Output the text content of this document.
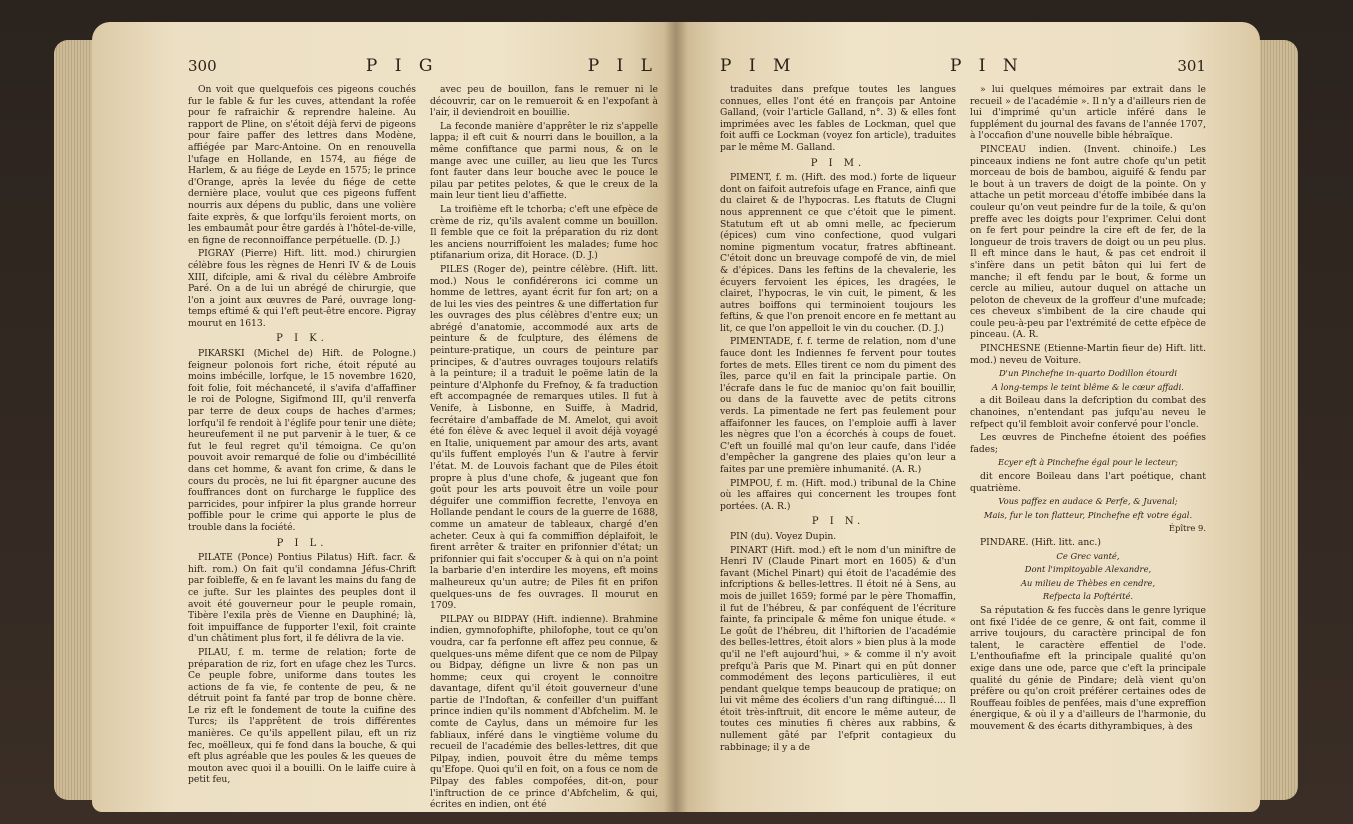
300	P I G	P I L

On voit que quelquefois ces pigeons couchés fur le fable & fur les cuves, attendant la rofée pour fe rafraichir & reprendre haleine. Au rapport de Pline, on s'étoit déjà fervi de pigeons pour faire paffer des lettres dans Modène, affiégée par Marc-Antoine. On en renouvella l'ufage en Hollande, en 1574, au fiége de Harlem, & au fiége de Leyde en 1575; le prince d'Orange, après la levée du fiége de cette dernière place, voulut que ces pigeons fuffent nourris aux dépens du public, dans une volière faite exprès, & que lorfqu'ils feroient morts, on les embaumât pour être gardés à l'hôtel-de-ville, en figne de reconnoiffance perpétuelle. (D. J.)

PIGRAY (Pierre) Hift. litt. mod.) chirurgien célèbre fous les règnes de Henri IV & de Louis XIII, difciple, ami & rival du célèbre Ambroife Paré. On a de lui un abrégé de chirurgie, que l'on a joint aux œuvres de Paré, ouvrage long-temps eftimé & qui l'eft peut-être encore. Pigray mourut en 1613.

P I K.

PIKARSKI (Michel de) Hift. de Pologne.) feigneur polonois fort riche, étoit réputé au moins imbécille, lorfque, le 15 novembre 1620, foit folie, foit méchanceté, il s'avifa d'affaffiner le roi de Pologne, Sigifmond III, qu'il renverfa par terre de deux coups de haches d'armes; lorfqu'il fe rendoit à l'églife pour tenir une diète; heureufement il ne put parvenir à le tuer, & ce fut le feul regret qu'il témoigna. Ce qu'on pouvoit avoir remarqué de folie ou d'imbécillité dans cet homme, & avant fon crime, & dans le cours du procès, ne lui fit épargner aucune des fouffrances dont on furcharge le fupplice des parricides, pour infpirer la plus grande horreur poffible pour le crime qui apporte le plus de trouble dans la fociété.

P I L.

PILATE (Ponce) Pontius Pilatus) Hift. facr. & hift. rom.) On fait qu'il condamna Jéfus-Chrift par foibleffe, & en fe lavant les mains du fang de ce jufte. Sur les plaintes des peuples dont il avoit été gouverneur pour le peuple romain, Tibère l'exila près de Vienne en Dauphiné; là, foit impuiffance de fupporter l'exil, foit crainte d'un châtiment plus fort, il fe délivra de la vie.

PILAU, f. m. terme de relation; forte de préparation de riz, fort en ufage chez les Turcs. Ce peuple fobre, uniforme dans toutes les actions de fa vie, fe contente de peu, & ne détruit point fa fanté par trop de bonne chère. Le riz eft le fondement de toute la cuifine des Turcs; ils l'apprêtent de trois différentes manières. Ce qu'ils appellent pilau, eft un riz fec, moëlleux, qui fe fond dans la bouche, & qui eft plus agréable que les poules & les queues de mouton avec quoi il a bouilli. On le laiffe cuire à petit feu,

avec peu de bouillon, fans le remuer ni le découvrir, car on le remueroit & en l'expofant à l'air, il deviendroit en bouillie.

La feconde manière d'apprêter le riz s'appelle lappa; il eft cuit & nourri dans le bouillon, a la même confiftance que parmi nous, & on le mange avec une cuiller, au lieu que les Turcs font fauter dans leur bouche avec le pouce le pilau par petites pelotes, & que le creux de la main leur tient lieu d'affiette.

La troifième eft le tchorba; c'eft une efpèce de crème de riz, qu'ils avalent comme un bouillon. Il femble que ce foit la préparation du riz dont les anciens nourriffoient les malades; fume hoc ptifanarium oriza, dit Horace. (D. J.)

PILES (Roger de), peintre célèbre. (Hift. litt. mod.) Nous le confidérerons ici comme un homme de lettres, ayant écrit fur fon art; on a de lui les vies des peintres & une differtation fur les ouvrages des plus célèbres d'entre eux; un abrégé d'anatomie, accommodé aux arts de peinture & de fculpture, des élémens de peinture-pratique, un cours de peinture par principes, & d'autres ouvrages toujours relatifs à la peinture; il a traduit le poëme latin de la peinture d'Alphonfe du Frefnoy, & fa traduction eft accompagnée de remarques utiles. Il fut à Venife, à Lisbonne, en Suiffe, à Madrid, fecrétaire d'ambaffade de M. Amelot, qui avoit été fon élève & avec lequel il avoit déjà voyagé en Italie, uniquement par amour des arts, avant qu'ils fuffent employés l'un & l'autre à fervir l'état. M. de Louvois fachant que de Piles étoit propre à plus d'une chofe, & jugeant que fon goût pour les arts pouvoit être un voile pour déguifer une commiffion fecrette, l'envoya en Hollande pendant le cours de la guerre de 1688, comme un amateur de tableaux, chargé d'en acheter. Ceux à qui fa commiffion déplaifoit, le firent arrêter & traiter en prifonnier d'état; un prifonnier qui fait s'occuper & à qui on n'a point la barbarie d'en interdire les moyens, eft moins malheureux qu'un autre; de Piles fit en prifon quelques-uns de fes ouvrages. Il mourut en 1709.

PILPAY ou BIDPAY (Hift. indienne). Brahmine indien, gymnofophifte, philofophe, tout ce qu'on voudra, car fa perfonne eft affez peu connue, & quelques-uns même difent que ce nom de Pilpay ou Bidpay, défigne un livre & non pas un homme; ceux qui croyent le connoitre davantage, difent qu'il étoit gouverneur d'une partie de l'Indoftan, & confeiller d'un puiffant prince indien qu'ils nomment d'Abfchelim. M. le comte de Caylus, dans un mémoire fur les fabliaux, inféré dans le vingtième volume du recueil de l'académie des belles-lettres, dit que Pilpay, indien, pouvoit être du même temps qu'Efope. Quoi qu'il en foit, on a fous ce nom de Pilpay des fables compofées, dit-on, pour l'inftruction de ce prince d'Abfchelim, & qui, écrites en indien, ont été

P I M	P I N	301

traduites dans prefque toutes les langues connues, elles l'ont été en françois par Antoine Galland, (voir l'article Galland, n°. 3) & elles font imprimées avec les fables de Lockman, quel que foit auffi ce Lockman (voyez fon article), traduites par le même M. Galland.

P I M.

PIMENT, f. m. (Hift. des mod.) forte de liqueur dont on faifoit autrefois ufage en France, ainfi que du clairet & de l'hypocras. Les ftatuts de Clugni nous apprennent ce que c'étoit que le piment. Statutum eft ut ab omni melle, ac fpecierum (épices) cum vino confectione, quod vulgari nomine pigmentum vocatur, fratres abftineant. C'étoit donc un breuvage compofé de vin, de miel & d'épices. Dans les feftins de la chevalerie, les écuyers fervoient les épices, les dragées, le clairet, l'hypocras, le vin cuit, le piment, & les autres boiffons qui terminoient toujours les feftins, & que l'on prenoit encore en fe mettant au lit, ce que l'on appelloit le vin du coucher. (D. J.)

PIMENTADE, f. f. terme de relation, nom d'une fauce dont les Indiennes fe fervent pour toutes fortes de mets. Elles tirent ce nom du piment des îles, parce qu'il en fait la principale partie. On l'écrafe dans le fuc de manioc qu'on fait bouillir, ou dans de la fauvette avec de petits citrons verds. La pimentade ne fert pas feulement pour affaifonner les fauces, on l'emploie auffi à laver les nègres que l'on a écorchés à coups de fouet. C'eft un fouillé mal qu'on leur caufe, dans l'idée d'empêcher la gangrene des plaies qu'on leur a faites par une première inhumanité. (A. R.)

PIMPOU, f. m. (Hift. mod.) tribunal de la Chine où les affaires qui concernent les troupes font portées. (A. R.)

P I N.

PIN (du). Voyez Dupin.

PINART (Hift. mod.) eft le nom d'un miniftre de Henri IV (Claude Pinart mort en 1605) & d'un favant (Michel Pinart) qui étoit de l'académie des infcriptions & belles-lettres. Il étoit né à Sens, au mois de juillet 1659; formé par le père Thomaffin, il fut de l'hébreu, & par conféquent de l'écriture fainte, fa principale & même fon unique étude. « Le goût de l'hébreu, dit l'hiftorien de l'académie des belles-lettres, étoit alors » bien plus à la mode qu'il ne l'eft aujourd'hui, » & comme il n'y avoit prefqu'à Paris que M. Pinart qui en pût donner commodément des leçons particulières, il eut pendant quelque temps beaucoup de pratique; on lui vit même des écoliers d'un rang diftingué.... Il étoit très-inftruit, dit encore le même auteur, de toutes ces minuties fi chères aux rabbins, & nullement gâté par l'efprit contagieux du rabbinage; il y a de

» lui quelques mémoires par extrait dans le recueil » de l'académie ». Il n'y a d'ailleurs rien de lui d'imprimé qu'un article inféré dans le fupplément du journal des favans de l'année 1707, à l'occafion d'une nouvelle bible hébraïque.

PINCEAU indien. (Invent. chinoife.) Les pinceaux indiens ne font autre chofe qu'un petit morceau de bois de bambou, aiguifé & fendu par le bout à un travers de doigt de la pointe. On y attache un petit morceau d'étoffe imbibée dans la couleur qu'on veut peindre fur de la toile, & qu'on preffe avec les doigts pour l'exprimer. Celui dont on fe fert pour peindre la cire eft de fer, de la longueur de trois travers de doigt ou un peu plus. Il eft mince dans le haut, & pas cet endroit il s'infère dans un petit bâton qui lui fert de manche; il eft fendu par le bout, & forme un cercle au milieu, autour duquel on attache un peloton de cheveux de la groffeur d'une mufcade; ces cheveux s'imbibent de la cire chaude qui coule peu-à-peu par l'extrémité de cette efpèce de pinceau. (A. R.

PINCHESNE (Etienne-Martin fieur de) Hift. litt. mod.) neveu de Voiture.

D'un Pinchefne in-quarto Dodillon étourdi

A long-temps le teint blême & le cœur affadi.

a dit Boileau dans la defcription du combat des chanoines, n'entendant pas jufqu'au neveu le refpect qu'il fembloit avoir confervé pour l'oncle.

Les œuvres de Pinchefne étoient des poéfies fades;

Ecyer eft à Pinchefne égal pour le lecteur;

dit encore Boileau dans l'art poétique, chant quatrième.

Vous paffez en audace & Perfe, & Juvenal;

Mais, fur le ton flatteur, Pinchefne eft votre égal.

Épître 9.

PINDARE. (Hift. litt. anc.)

Ce Grec vanté,

Dont l'impitoyable Alexandre,

Au milieu de Thèbes en cendre,

Refpecta la Poftérité.

Sa réputation & fes fuccès dans le genre lyrique ont fixé l'idée de ce genre, & ont fait, comme il arrive toujours, du caractère principal de fon talent, le caractère effentiel de l'ode. L'enthoufiafme eft la principale qualité qu'on exige dans une ode, parce que c'eft la principale qualité du génie de Pindare; delà vient qu'on préfère ou qu'on croit préférer certaines odes de Rouffeau foibles de penfées, mais d'une expreffion énergique, & où il y a d'ailleurs de l'harmonie, du mouvement & des écarts dithyrambiques, à des
